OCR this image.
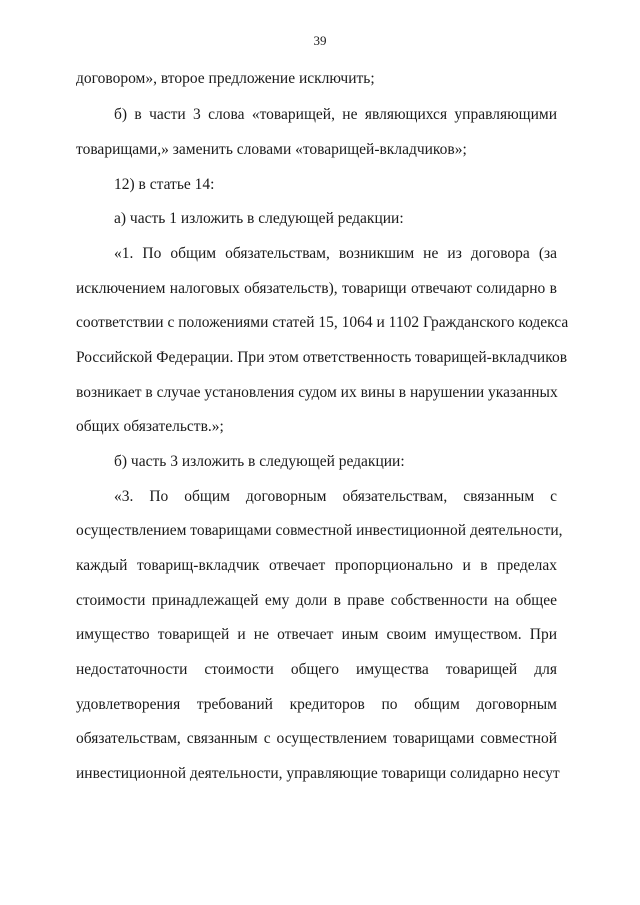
39
договором», второе предложение исключить;
б) в части 3 слова «товарищей, не являющихся управляющими
товарищами,» заменить словами «товарищей-вкладчиков»;
12) в статье 14:
а) часть 1 изложить в следующей редакции:
«1. По общим обязательствам, возникшим не из договора (за
исключением налоговых обязательств), товарищи отвечают солидарно в
соответствии с положениями статей 15, 1064 и 1102 Гражданского кодекса
Российской Федерации. При этом ответственность товарищей-вкладчиков
возникает в случае установления судом их вины в нарушении указанных
общих обязательств.»;
б) часть 3 изложить в следующей редакции:
«3. По общим договорным обязательствам, связанным с
осуществлением товарищами совместной инвестиционной деятельности,
каждый товарищ-вкладчик отвечает пропорционально и в пределах
стоимости принадлежащей ему доли в праве собственности на общее
имущество товарищей и не отвечает иным своим имуществом. При
недостаточности стоимости общего имущества товарищей для
удовлетворения требований кредиторов по общим договорным
обязательствам, связанным с осуществлением товарищами совместной
инвестиционной деятельности, управляющие товарищи солидарно несут
